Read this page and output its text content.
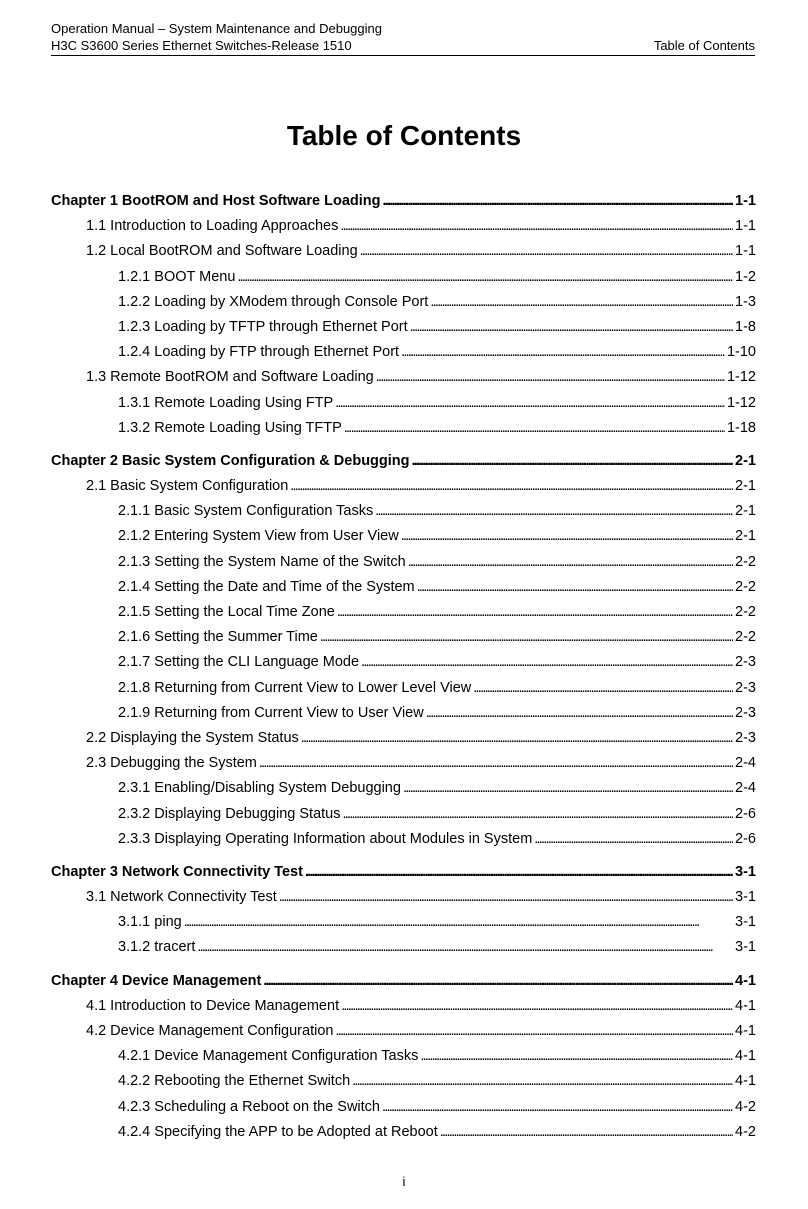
Operation Manual – System Maintenance and Debugging
H3C S3600 Series Ethernet Switches-Release 1510	Table of Contents
Table of Contents
Chapter 1 BootROM and Host Software Loading . . .	1-1
1.1 Introduction to Loading Approaches . . .	1-1
1.2 Local BootROM and Software Loading . . .	1-1
1.2.1 BOOT Menu . . .	1-2
1.2.2 Loading by XModem through Console Port . . .	1-3
1.2.3 Loading by TFTP through Ethernet Port . . .	1-8
1.2.4 Loading by FTP through Ethernet Port . . .	1-10
1.3 Remote BootROM and Software Loading . . .	1-12
1.3.1 Remote Loading Using FTP . . .	1-12
1.3.2 Remote Loading Using TFTP . . .	1-18
Chapter 2 Basic System Configuration & Debugging . . .	2-1
2.1 Basic System Configuration . . .	2-1
2.1.1 Basic System Configuration Tasks . . .	2-1
2.1.2 Entering System View from User View . . .	2-1
2.1.3 Setting the System Name of the Switch . . .	2-2
2.1.4 Setting the Date and Time of the System . . .	2-2
2.1.5 Setting the Local Time Zone . . .	2-2
2.1.6 Setting the Summer Time . . .	2-2
2.1.7 Setting the CLI Language Mode . . .	2-3
2.1.8 Returning from Current View to Lower Level View . . .	2-3
2.1.9 Returning from Current View to User View . . .	2-3
2.2 Displaying the System Status . . .	2-3
2.3 Debugging the System . . .	2-4
2.3.1 Enabling/Disabling System Debugging . . .	2-4
2.3.2 Displaying Debugging Status . . .	2-6
2.3.3 Displaying Operating Information about Modules in System . . .	2-6
Chapter 3 Network Connectivity Test . . .	3-1
3.1 Network Connectivity Test . . .	3-1
3.1.1 ping . . .	3-1
3.1.2 tracert . . .	3-1
Chapter 4 Device Management . . .	4-1
4.1 Introduction to Device Management . . .	4-1
4.2 Device Management Configuration . . .	4-1
4.2.1 Device Management Configuration Tasks . . .	4-1
4.2.2 Rebooting the Ethernet Switch . . .	4-1
4.2.3 Scheduling a Reboot on the Switch . . .	4-2
4.2.4 Specifying the APP to be Adopted at Reboot . . .	4-2
i
